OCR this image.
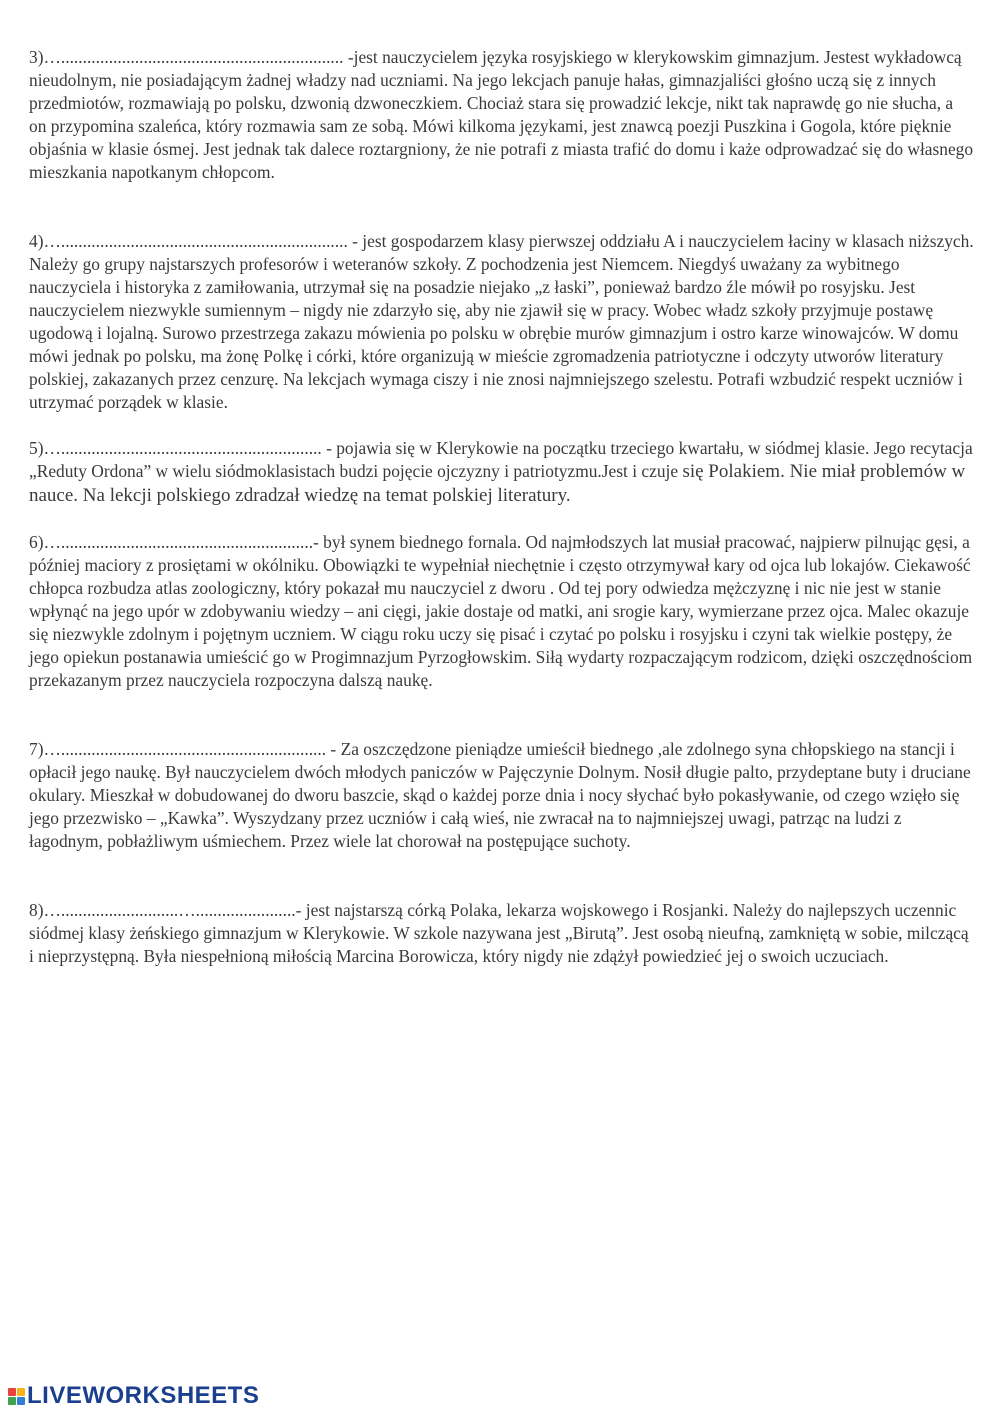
3)…................................................................. -jest nauczycielem języka rosyjskiego w klerykowskim gimnazjum. Jestest wykładowcą nieudolnym, nie posiadającym żadnej władzy nad uczniami. Na jego lekcjach panuje hałas, gimnazjaliści głośno uczą się z innych przedmiotów, rozmawiają po polsku, dzwonią dzwoneczkiem. Chociaż stara się prowadzić lekcje, nikt tak naprawdę go nie słucha, a on przypomina szaleńca, który rozmawia sam ze sobą. Mówi kilkoma językami, jest znawcą poezji Puszkina i Gogola, które pięknie objaśnia w klasie ósmej. Jest jednak tak dalece roztargniony, że nie potrafi z miasta trafić do domu i każe odprowadzać się do własnego mieszkania napotkanym chłopcom.

4)….................................................................. - jest gospodarzem klasy pierwszej oddziału A i nauczycielem łaciny w klasach niższych. Należy go grupy najstarszych profesorów i weteranów szkoły. Z pochodzenia jest Niemcem. Niegdyś uważany za wybitnego nauczyciela i historyka z zamiłowania, utrzymał się na posadzie niejako „z łaski”, ponieważ bardzo źle mówił po rosyjsku. Jest nauczycielem niezwykle sumiennym – nigdy nie zdarzyło się, aby nie zjawił się w pracy. Wobec władz szkoły przyjmuje postawę ugodową i lojalną. Surowo przestrzega zakazu mówienia po polsku w obrębie murów gimnazjum i ostro karze winowajców. W domu mówi jednak po polsku, ma żonę Polkę i córki, które organizują w mieście zgromadzenia patriotyczne i odczyty utworów literatury polskiej, zakazanych przez cenzurę. Na lekcjach wymaga ciszy i nie znosi najmniejszego szelestu. Potrafi wzbudzić respekt uczniów i utrzymać porządek w klasie.

5)…............................................................ - pojawia się w Klerykowie na początku trzeciego kwartału, w siódmej klasie. Jego recytacja „Reduty Ordona” w wielu siódmoklasistach budzi pojęcie ojczyzny i patriotyzmu.Jest i czuje się Polakiem. Nie miał problemów w nauce. Na lekcji polskiego zdradzał wiedzę na temat polskiej literatury.

6)…..........................................................- był synem biednego fornala. Od najmłodszych lat musiał pracować, najpierw pilnując gęsi, a później maciory z prosiętami w okólniku. Obowiązki te wypełniał niechętnie i często otrzymywał kary od ojca lub lokajów. Ciekawość chłopca rozbudza atlas zoologiczny, który pokazał mu nauczyciel z dworu . Od tej pory odwiedza mężczyznę i nic nie jest w stanie wpłynąć na jego upór w zdobywaniu wiedzy – ani cięgi, jakie dostaje od matki, ani srogie kary, wymierzane przez ojca. Malec okazuje się niezwykle zdolnym i pojętnym uczniem. W ciągu roku uczy się pisać i czytać po polsku i rosyjsku i czyni tak wielkie postępy, że jego opiekun postanawia umieścić go w Progimnazjum Pyrzogłowskim. Siłą wydarty rozpaczającym rodzicom, dzięki oszczędnościom przekazanym przez nauczyciela rozpoczyna dalszą naukę.

7)…............................................................. - Za oszczędzone pieniądze umieścił biednego ,ale zdolnego syna chłopskiego na stancji i opłacił jego naukę. Był nauczycielem dwóch młodych paniczów w Pajęczynie Dolnym. Nosił długie palto, przydeptane buty i druciane okulary. Mieszkał w dobudowanej do dworu baszcie, skąd o każdej porze dnia i nocy słychać było pokasływanie, od czego wzięło się jego przezwisko – „Kawka”. Wyszydzany przez uczniów i całą wieś, nie zwracał na to najmniejszej uwagi, patrząc na ludzi z łagodnym, pobłażliwym uśmiechem. Przez wiele lat chorował na postępujące suchoty.

8)…...........................….......................- jest najstarszą córką Polaka, lekarza wojskowego i Rosjanki. Należy do najlepszych uczennic siódmej klasy żeńskiego gimnazjum w Klerykowie. W szkole nazywana jest „Birutą”. Jest osobą nieufną, zamkniętą w sobie, milczącą i nieprzystępną. Była niespełnioną miłością Marcina Borowicza, który nigdy nie zdążył powiedzieć jej o swoich uczuciach.

LIVEWORKSHEETS
